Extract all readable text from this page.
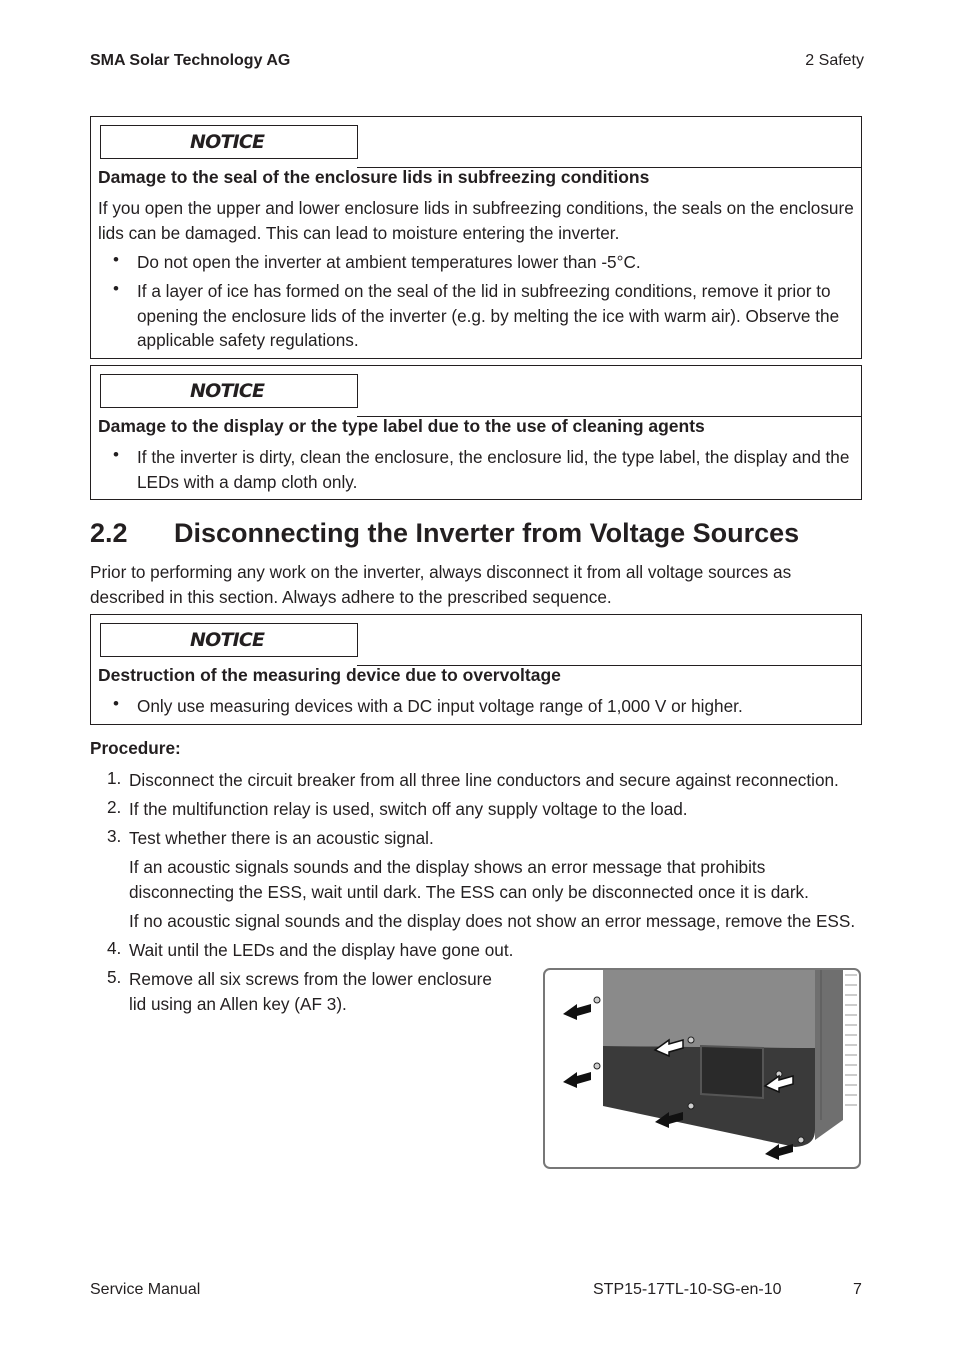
SMA Solar Technology AG	2 Safety
NOTICE
Damage to the seal of the enclosure lids in subfreezing conditions
If you open the upper and lower enclosure lids in subfreezing conditions, the seals on the enclosure lids can be damaged. This can lead to moisture entering the inverter.
• Do not open the inverter at ambient temperatures lower than -5°C.
• If a layer of ice has formed on the seal of the lid in subfreezing conditions, remove it prior to opening the enclosure lids of the inverter (e.g. by melting the ice with warm air). Observe the applicable safety regulations.
NOTICE
Damage to the display or the type label due to the use of cleaning agents
• If the inverter is dirty, clean the enclosure, the enclosure lid, the type label, the display and the LEDs with a damp cloth only.
2.2 Disconnecting the Inverter from Voltage Sources
Prior to performing any work on the inverter, always disconnect it from all voltage sources as described in this section. Always adhere to the prescribed sequence.
NOTICE
Destruction of the measuring device due to overvoltage
• Only use measuring devices with a DC input voltage range of 1,000 V or higher.
Procedure:
1. Disconnect the circuit breaker from all three line conductors and secure against reconnection.
2. If the multifunction relay is used, switch off any supply voltage to the load.
3. Test whether there is an acoustic signal.
If an acoustic signals sounds and the display shows an error message that prohibits disconnecting the ESS, wait until dark. The ESS can only be disconnected once it is dark.
If no acoustic signal sounds and the display does not show an error message, remove the ESS.
4. Wait until the LEDs and the display have gone out.
5. Remove all six screws from the lower enclosure lid using an Allen key (AF 3).
Service Manual	STP15-17TL-10-SG-en-10	7
